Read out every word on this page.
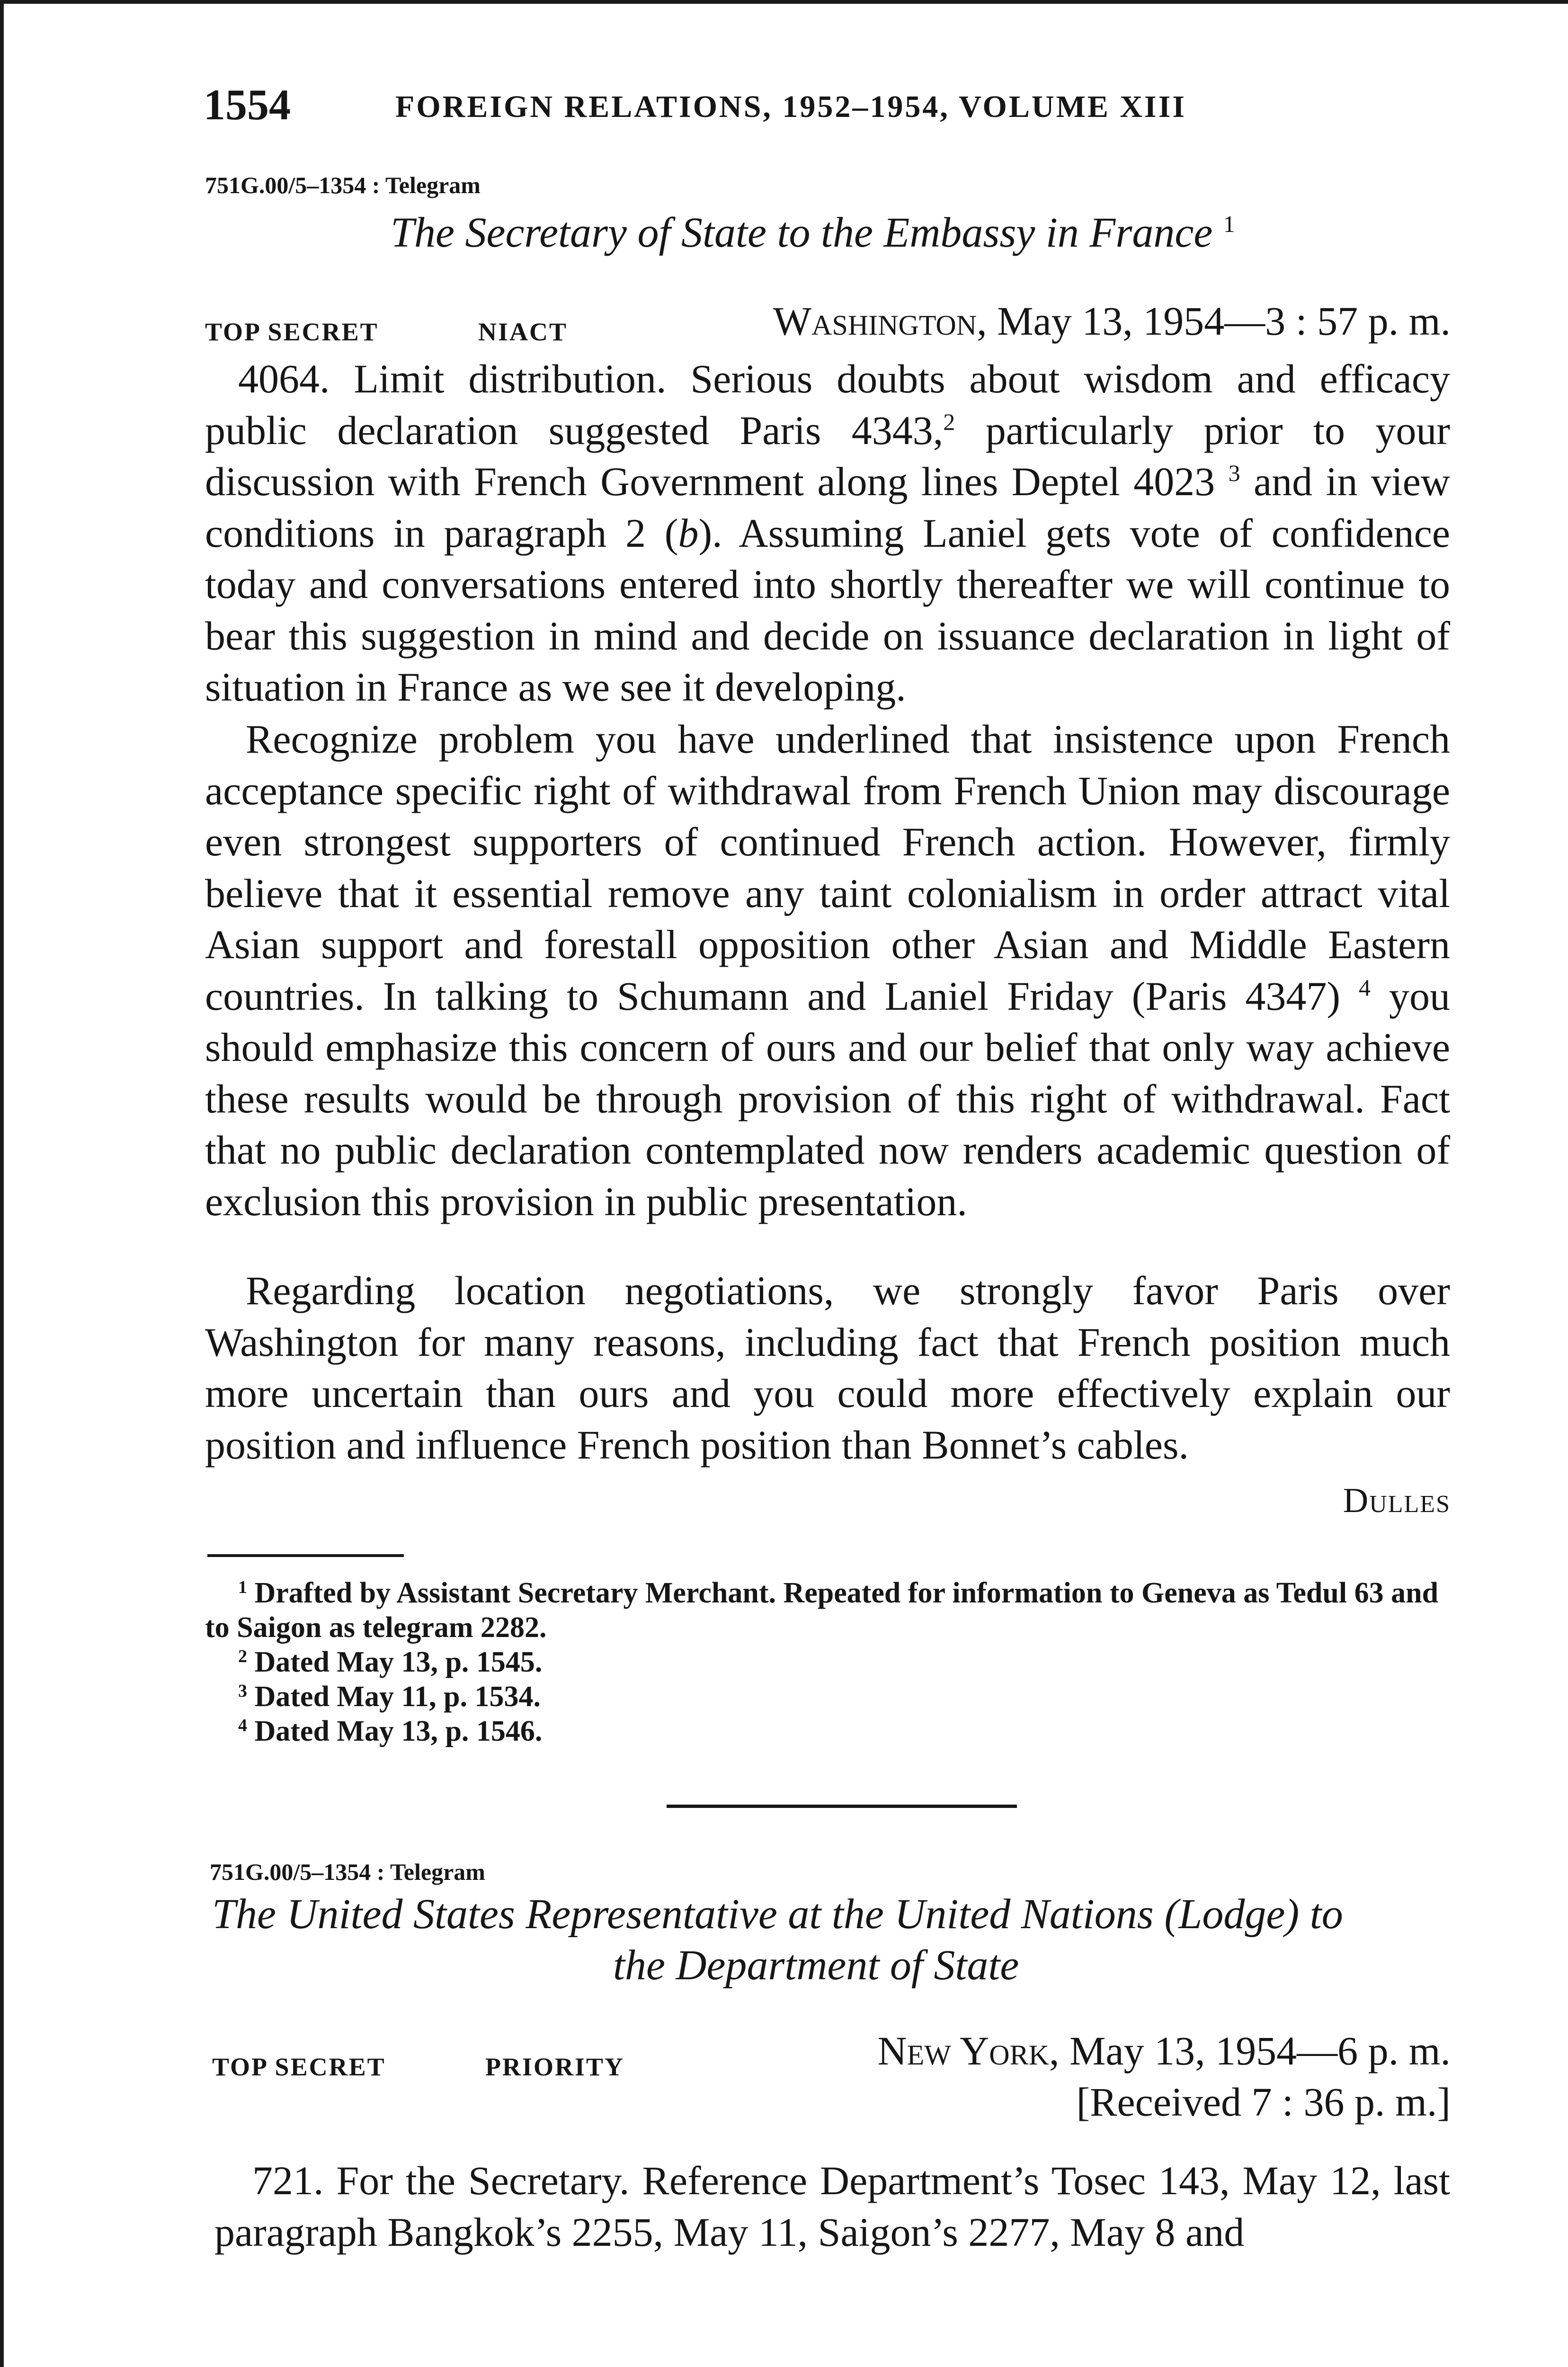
1554	FOREIGN RELATIONS, 1952–1954, VOLUME XIII
751G.00/5–1354 : Telegram
The Secretary of State to the Embassy in France $^1$
TOP SECRET	NIACT	Washington, May 13, 1954—3 : 57 p. m.

4064. Limit distribution. Serious doubts about wisdom and efficacy public declaration suggested Paris 4343,$^2$ particularly prior to your discussion with French Government along lines Deptel 4023 $^3$ and in view conditions in paragraph 2 (b). Assuming Laniel gets vote of confidence today and conversations entered into shortly thereafter we will continue to bear this suggestion in mind and decide on issuance declaration in light of situation in France as we see it developing.

Recognize problem you have underlined that insistence upon French acceptance specific right of withdrawal from French Union may discourage even strongest supporters of continued French action. However, firmly believe that it essential remove any taint colonialism in order attract vital Asian support and forestall opposition other Asian and Middle Eastern countries. In talking to Schumann and Laniel Friday (Paris 4347) $^4$ you should emphasize this concern of ours and our belief that only way achieve these results would be through provision of this right of withdrawal. Fact that no public declaration contemplated now renders academic question of exclusion this provision in public presentation.

Regarding location negotiations, we strongly favor Paris over Washington for many reasons, including fact that French position much more uncertain than ours and you could more effectively explain our position and influence French position than Bonnet’s cables.

Dulles

$^1$ Drafted by Assistant Secretary Merchant. Repeated for information to Geneva as Tedul 63 and to Saigon as telegram 2282.

$^2$ Dated May 13, p. 1545.

$^3$ Dated May 11, p. 1534.

$^4$ Dated May 13, p. 1546.

751G.00/5–1354 : Telegram
The United States Representative at the United Nations (Lodge) to
the Department of State
TOP SECRET	PRIORITY	New York, May 13, 1954—6 p. m.
[Received 7 : 36 p. m.]

721. For the Secretary. Reference Department’s Tosec 143, May 12, last paragraph Bangkok’s 2255, May 11, Saigon’s 2277, May 8 and
